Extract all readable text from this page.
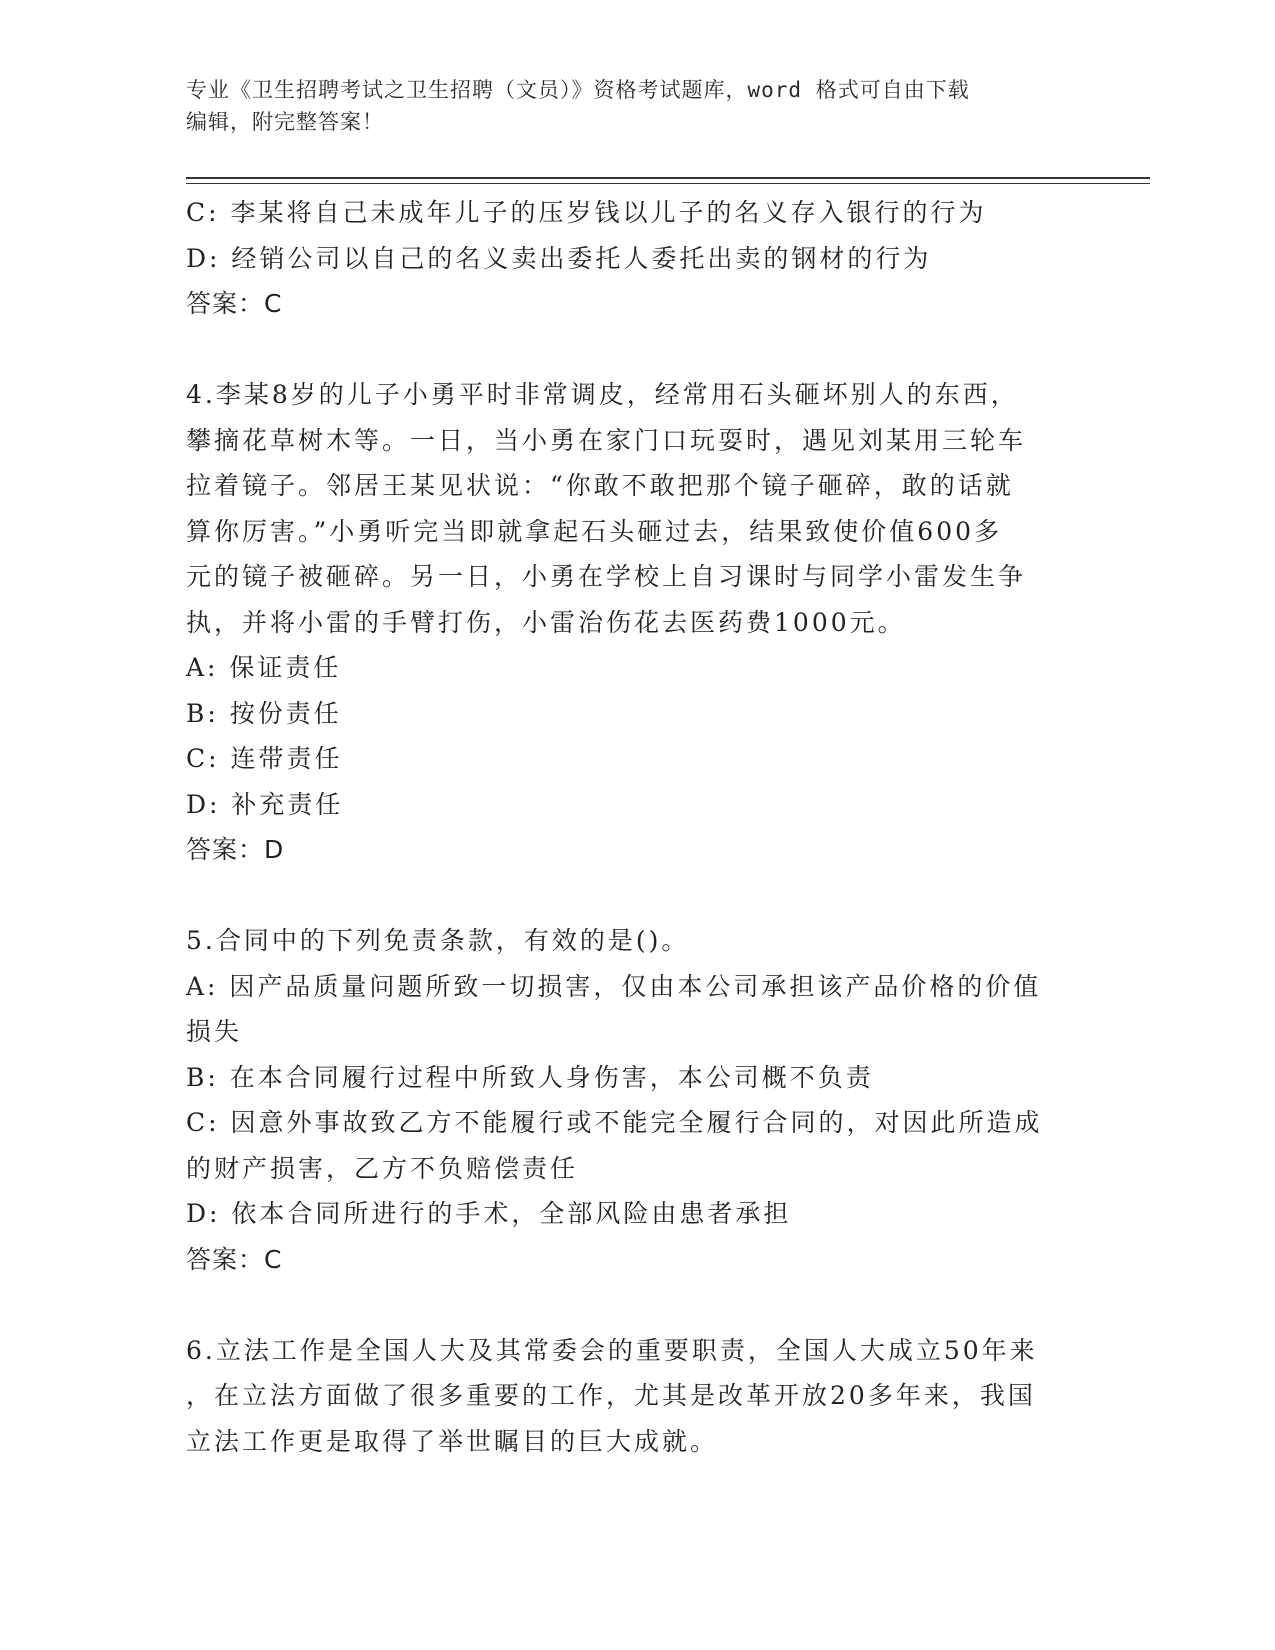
专业《卫生招聘考试之卫生招聘（文员）》资格考试题库，word 格式可自由下载
编辑，附完整答案！
C: 李某将自己未成年儿子的压岁钱以儿子的名义存入银行的行为
D: 经销公司以自己的名义卖出委托人委托出卖的钢材的行为
答案：C
4.李某8岁的儿子小勇平时非常调皮，经常用石头砸坏别人的东西，
攀摘花草树木等。一日，当小勇在家门口玩耍时，遇见刘某用三轮车
拉着镜子。邻居王某见状说：“你敢不敢把那个镜子砸碎，敢的话就
算你厉害。”小勇听完当即就拿起石头砸过去，结果致使价值600多
元的镜子被砸碎。另一日，小勇在学校上自习课时与同学小雷发生争
执，并将小雷的手臂打伤，小雷治伤花去医药费1000元。
A: 保证责任
B: 按份责任
C: 连带责任
D: 补充责任
答案：D
5.合同中的下列免责条款，有效的是()。
A: 因产品质量问题所致一切损害，仅由本公司承担该产品价格的价值
损失
B: 在本合同履行过程中所致人身伤害，本公司概不负责
C: 因意外事故致乙方不能履行或不能完全履行合同的，对因此所造成
的财产损害，乙方不负赔偿责任
D: 依本合同所进行的手术，全部风险由患者承担
答案：C
6.立法工作是全国人大及其常委会的重要职责，全国人大成立50年来
，在立法方面做了很多重要的工作，尤其是改革开放20多年来，我国
立法工作更是取得了举世瞩目的巨大成就。
